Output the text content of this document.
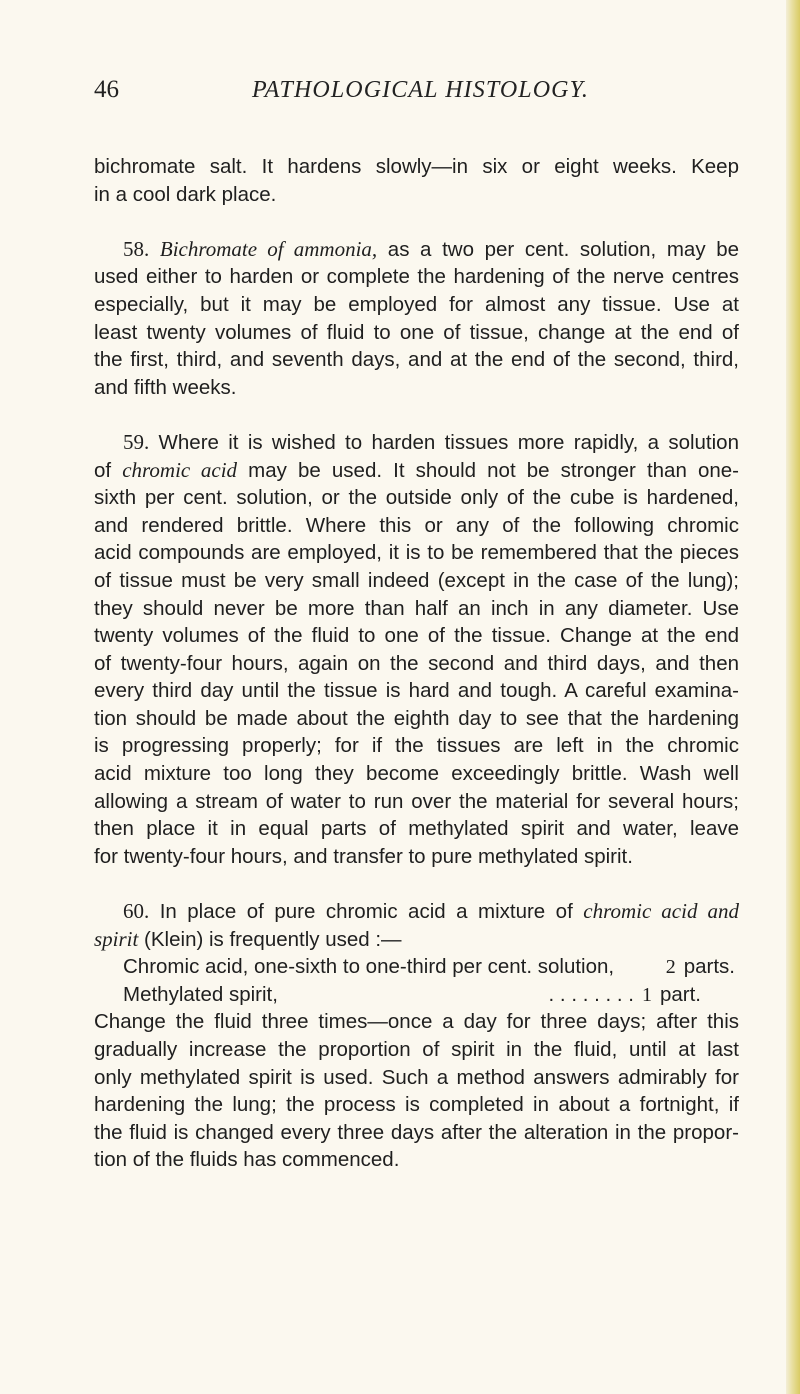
46	PATHOLOGICAL HISTOLOGY.
bichromate salt. It hardens slowly—in six or eight weeks. Keep
in a cool dark place.
58. Bichromate of ammonia, as a two per cent. solution, may be
used either to harden or complete the hardening of the nerve centres
especially, but it may be employed for almost any tissue. Use at
least twenty volumes of fluid to one of tissue, change at the end of
the first, third, and seventh days, and at the end of the second, third,
and fifth weeks.
59. Where it is wished to harden tissues more rapidly, a solution
of chromic acid may be used. It should not be stronger than one-
sixth per cent. solution, or the outside only of the cube is hardened,
and rendered brittle. Where this or any of the following chromic
acid compounds are employed, it is to be remembered that the pieces
of tissue must be very small indeed (except in the case of the lung);
they should never be more than half an inch in any diameter. Use
twenty volumes of the fluid to one of the tissue. Change at the end
of twenty-four hours, again on the second and third days, and then
every third day until the tissue is hard and tough. A careful examina-
tion should be made about the eighth day to see that the hardening
is progressing properly; for if the tissues are left in the chromic
acid mixture too long they become exceedingly brittle. Wash well
allowing a stream of water to run over the material for several hours;
then place it in equal parts of methylated spirit and water, leave
for twenty-four hours, and transfer to pure methylated spirit.
60. In place of pure chromic acid a mixture of chromic acid and
spirit (Klein) is frequently used :—
Chromic acid, one-sixth to one-third per cent. solution,	2 parts.
Methylated spirit,	. . . . . . . . 1 part.
Change the fluid three times—once a day for three days; after this
gradually increase the proportion of spirit in the fluid, until at last
only methylated spirit is used. Such a method answers admirably for
hardening the lung; the process is completed in about a fortnight, if
the fluid is changed every three days after the alteration in the propor-
tion of the fluids has commenced.
